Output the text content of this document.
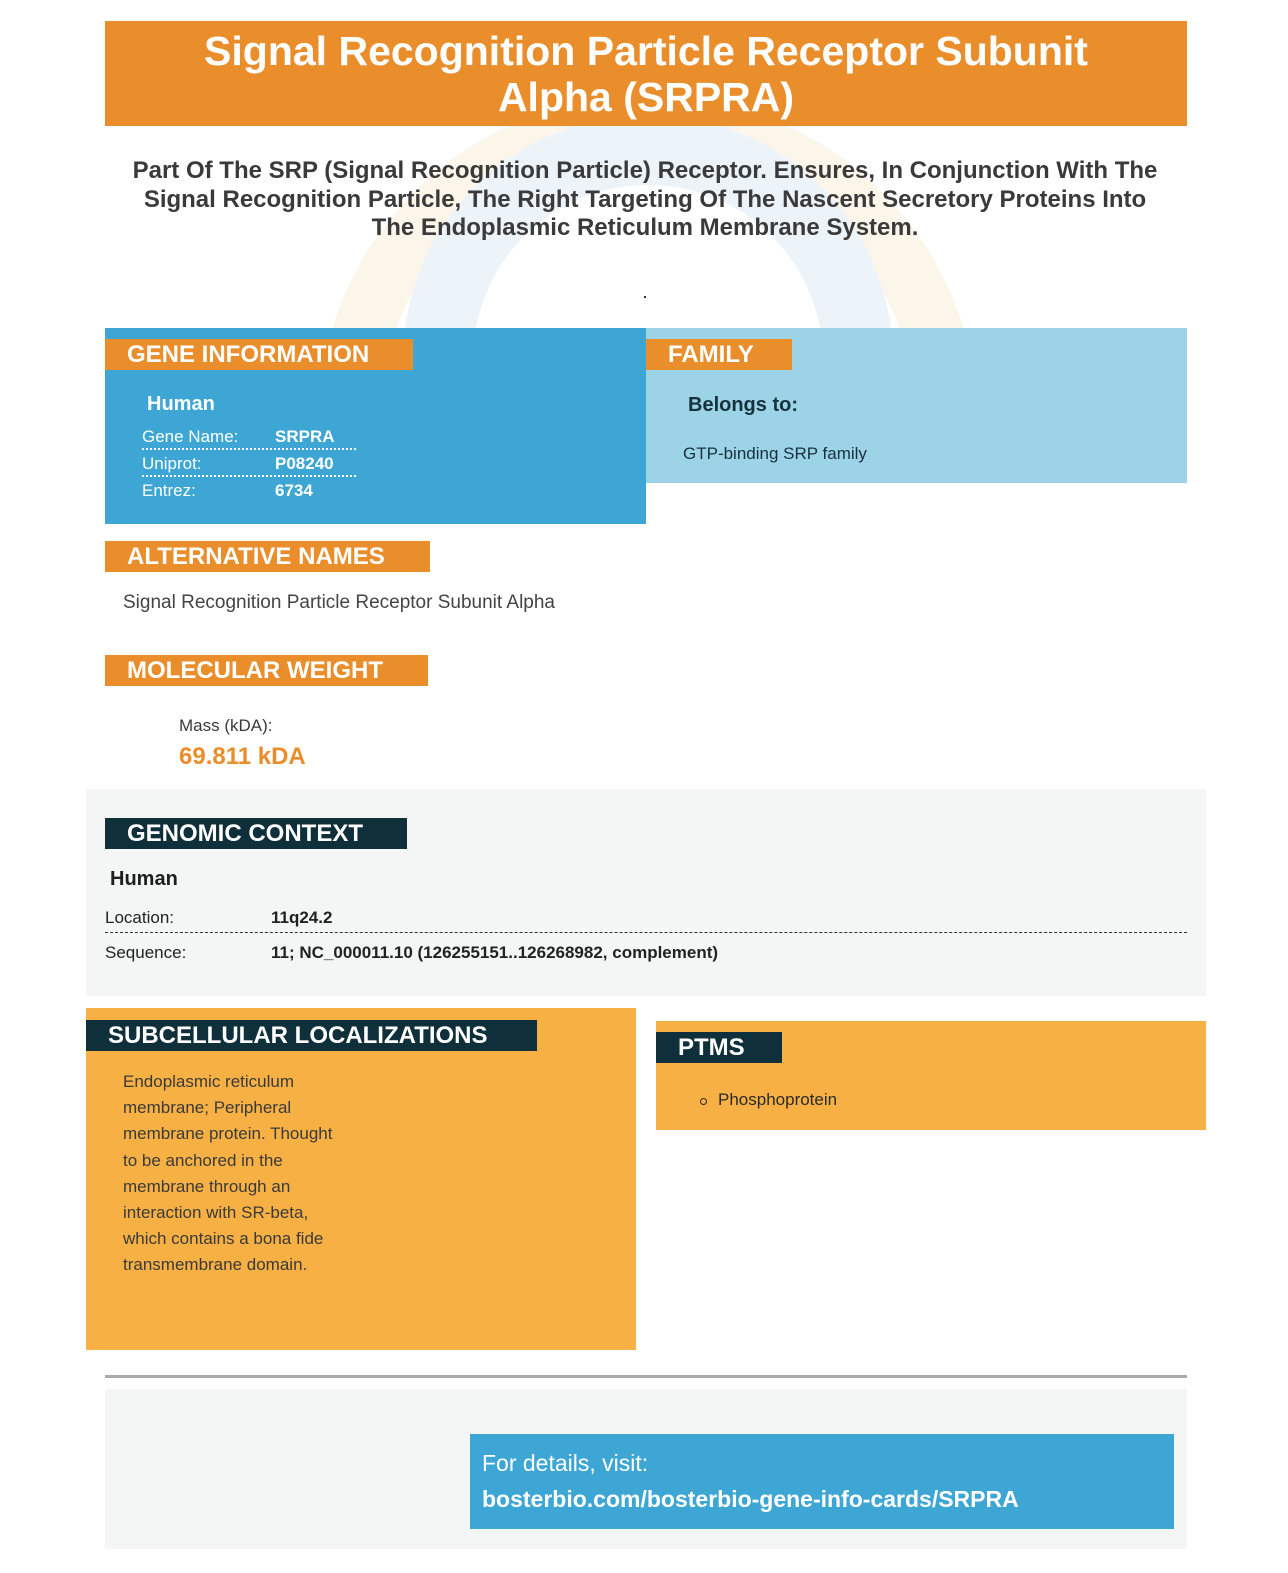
Signal Recognition Particle Receptor Subunit Alpha (SRPRA)
Part Of The SRP (Signal Recognition Particle) Receptor. Ensures, In Conjunction With The Signal Recognition Particle, The Right Targeting Of The Nascent Secretory Proteins Into The Endoplasmic Reticulum Membrane System.
GENE INFORMATION
Human
Gene Name: SRPRA
Uniprot:	P08240
Entrez:	6734
FAMILY
Belongs to:
GTP-binding SRP family
ALTERNATIVE NAMES
Signal Recognition Particle Receptor Subunit Alpha
MOLECULAR WEIGHT
Mass (kDA):
69.811 kDA
GENOMIC CONTEXT
Human
Location:	11q24.2
Sequence:	11; NC_000011.10 (126255151..126268982, complement)
SUBCELLULAR LOCALIZATIONS
Endoplasmic reticulum membrane; Peripheral membrane protein. Thought to be anchored in the membrane through an interaction with SR-beta, which contains a bona fide transmembrane domain.
PTMS
Phosphoprotein
For details, visit:
bosterbio.com/bosterbio-gene-info-cards/SRPRA
